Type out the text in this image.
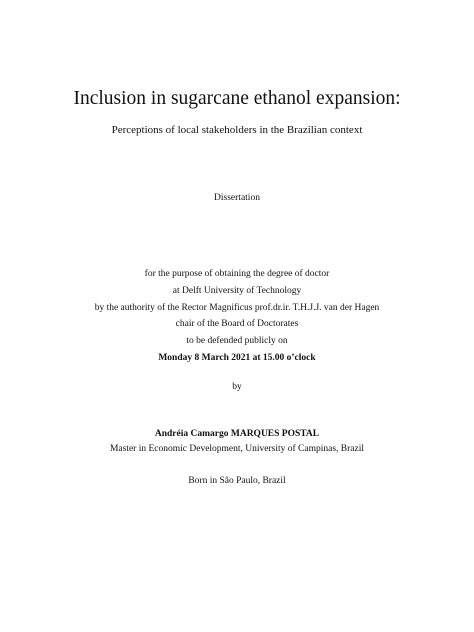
Inclusion in sugarcane ethanol expansion:
Perceptions of local stakeholders in the Brazilian context
Dissertation
for the purpose of obtaining the degree of doctor
at Delft University of Technology
by the authority of the Rector Magnificus prof.dr.ir. T.H.J.J. van der Hagen
chair of the Board of Doctorates
to be defended publicly on
Monday 8 March 2021 at 15.00 o’clock
by
Andréia Camargo MARQUES POSTAL
Master in Economic Development, University of Campinas, Brazil
Born in São Paulo, Brazil
